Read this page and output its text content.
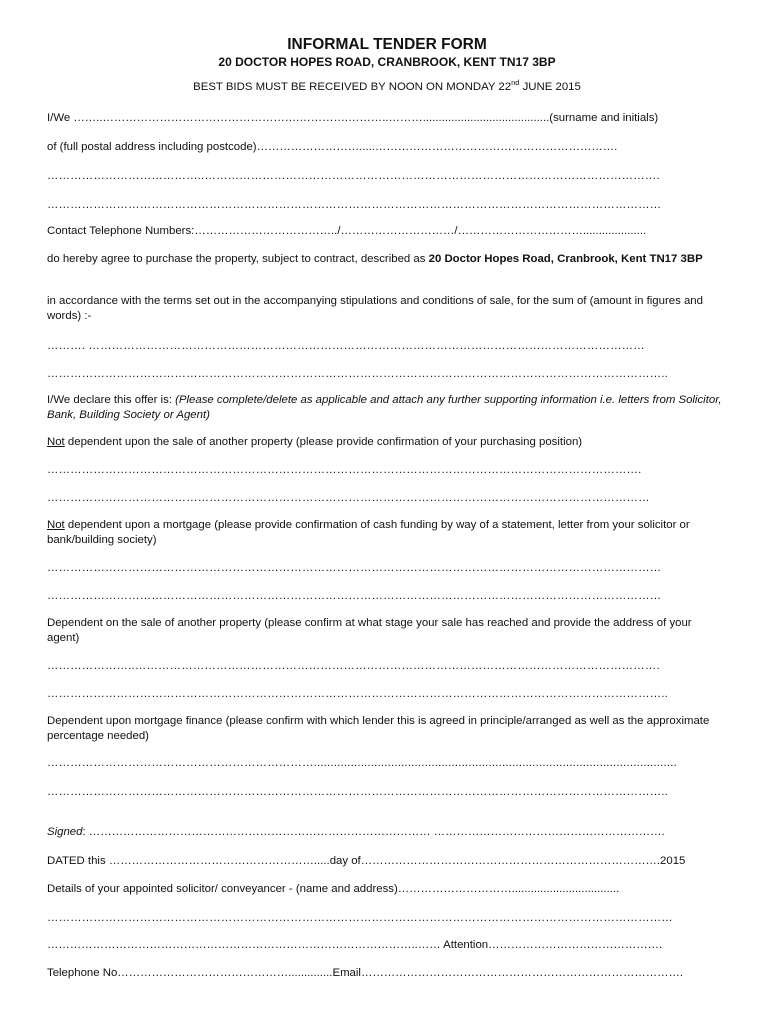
INFORMAL TENDER FORM
20 DOCTOR HOPES ROAD, CRANBROOK, KENT TN17 3BP
BEST BIDS MUST BE RECEIVED BY NOON ON MONDAY 22nd JUNE 2015
I/We ……..…………………………………………….………….………..………........................................(surname and initials)
of (full postal address including postcode)……………………….....……………………………………………………….
…………………………………..……………………………………………………………………………………………………….
……………………………………………………………………………………………………………………………………………
Contact Telephone Numbers:………………………………../…………………………/……………………………....................
do hereby agree to purchase the property, subject to contract, described as 20 Doctor Hopes Road, Cranbrook, Kent TN17 3BP
in accordance with the terms set out in the accompanying stipulations and conditions of sale, for the sum of (amount in figures and words) :-
………. ………………………………………………………………………………………………………………………………
……………………………………………………………………………………………………………………………………………..
I/We declare this offer is: (Please complete/delete as applicable and attach any further supporting information i.e. letters from Solicitor, Bank, Building Society or Agent)
Not dependent upon the sale of another property (please provide confirmation of your purchasing position)
……………………………………………………………………………………………………………………………………….
…………………………………………………………………………………………………………………………………………
Not dependent upon a mortgage (please provide confirmation of cash funding by way of a statement, letter from your solicitor or bank/building society)
……………………………………………………………………………………………………………………………………………
……………………………………………………………………………………………………………………………………………
Dependent on the sale of another property (please confirm at what stage your sale has reached and provide the address of your agent)
…………………..……………………………………………………………………………………………………………………….
……………………………………………………………………………………………………………………………………………..
Dependent upon mortgage finance (please confirm with which lender this is agreed in principle/arranged as well as the approximate percentage needed)
……………………………………………………………............................................................................................................
……………………………………………………………………………………………………………………………………………..
Signed: ……………………………………………………………………………… …………………………………………………….
DATED this ……………………………………………….....day of…………………………………………………………………….2015
Details of your appointed solicitor/ conveyancer - (name and address)…………………………..................................
………………………………………………………………………………………………………………………………………………
……………………………………………………………………………………..…… Attention……………………………………….
Telephone No………………………………………..............Email………………………………………………………………………….
